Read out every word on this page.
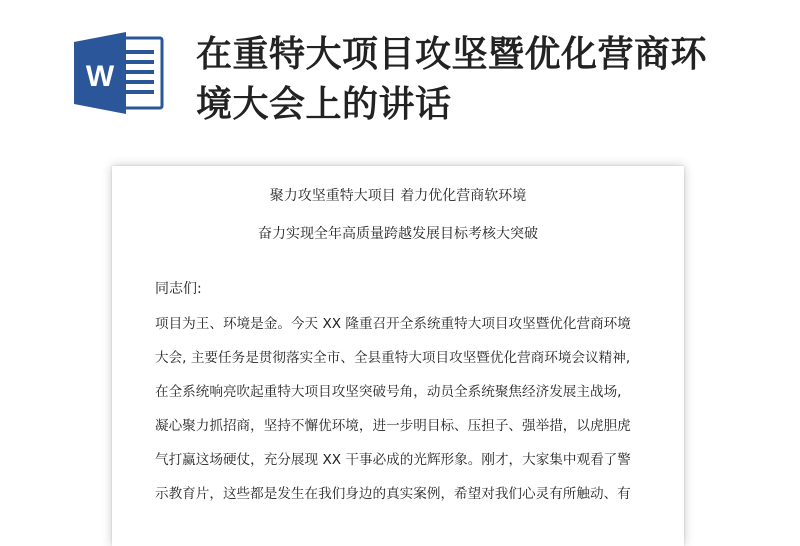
W
在重特大项目攻坚暨优化营商环
境大会上的讲话
聚力攻坚重特大项目 着力优化营商软环境
奋力实现全年高质量跨越发展目标考核大突破
同志们:
项目为王、环境是金。今天 XX 隆重召开全系统重特大项目攻坚暨优化营商环境
大会, 主要任务是贯彻落实全市、全县重特大项目攻坚暨优化营商环境会议精神,
在全系统响亮吹起重特大项目攻坚突破号角，动员全系统聚焦经济发展主战场,
凝心聚力抓招商，坚持不懈优环境，进一步明目标、压担子、强举措，以虎胆虎
气打赢这场硬仗，充分展现 XX 干事必成的光辉形象。刚才，大家集中观看了警
示教育片，这些都是发生在我们身边的真实案例，希望对我们心灵有所触动、有
